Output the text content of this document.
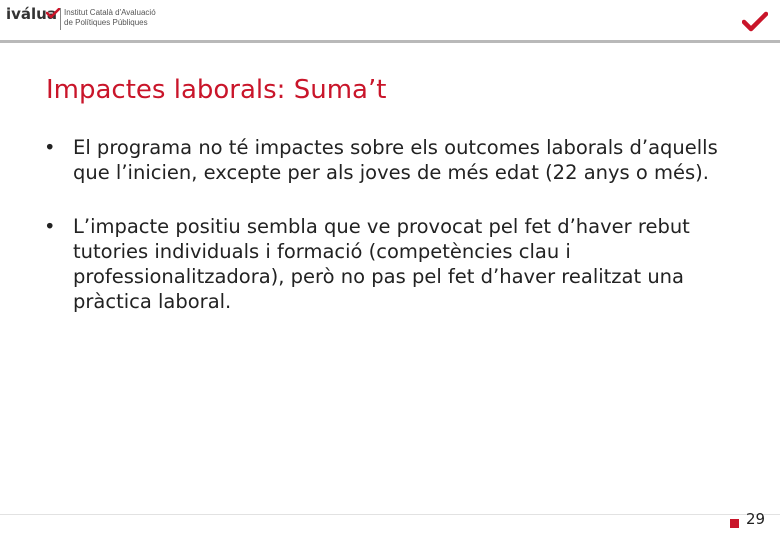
iválua Institut Català d'Avaluació
de Polítiques Públiques
Impactes laborals: Suma’t
• El programa no té impactes sobre els outcomes laborals d’aquells que l’inicien, excepte per als joves de més edat (22 anys o més).
• L’impacte positiu sembla que ve provocat pel fet d’haver rebut tutories individuals i formació (competències clau i professionalitzadora), però no pas pel fet d’haver realitzat una pràctica laboral.
29
